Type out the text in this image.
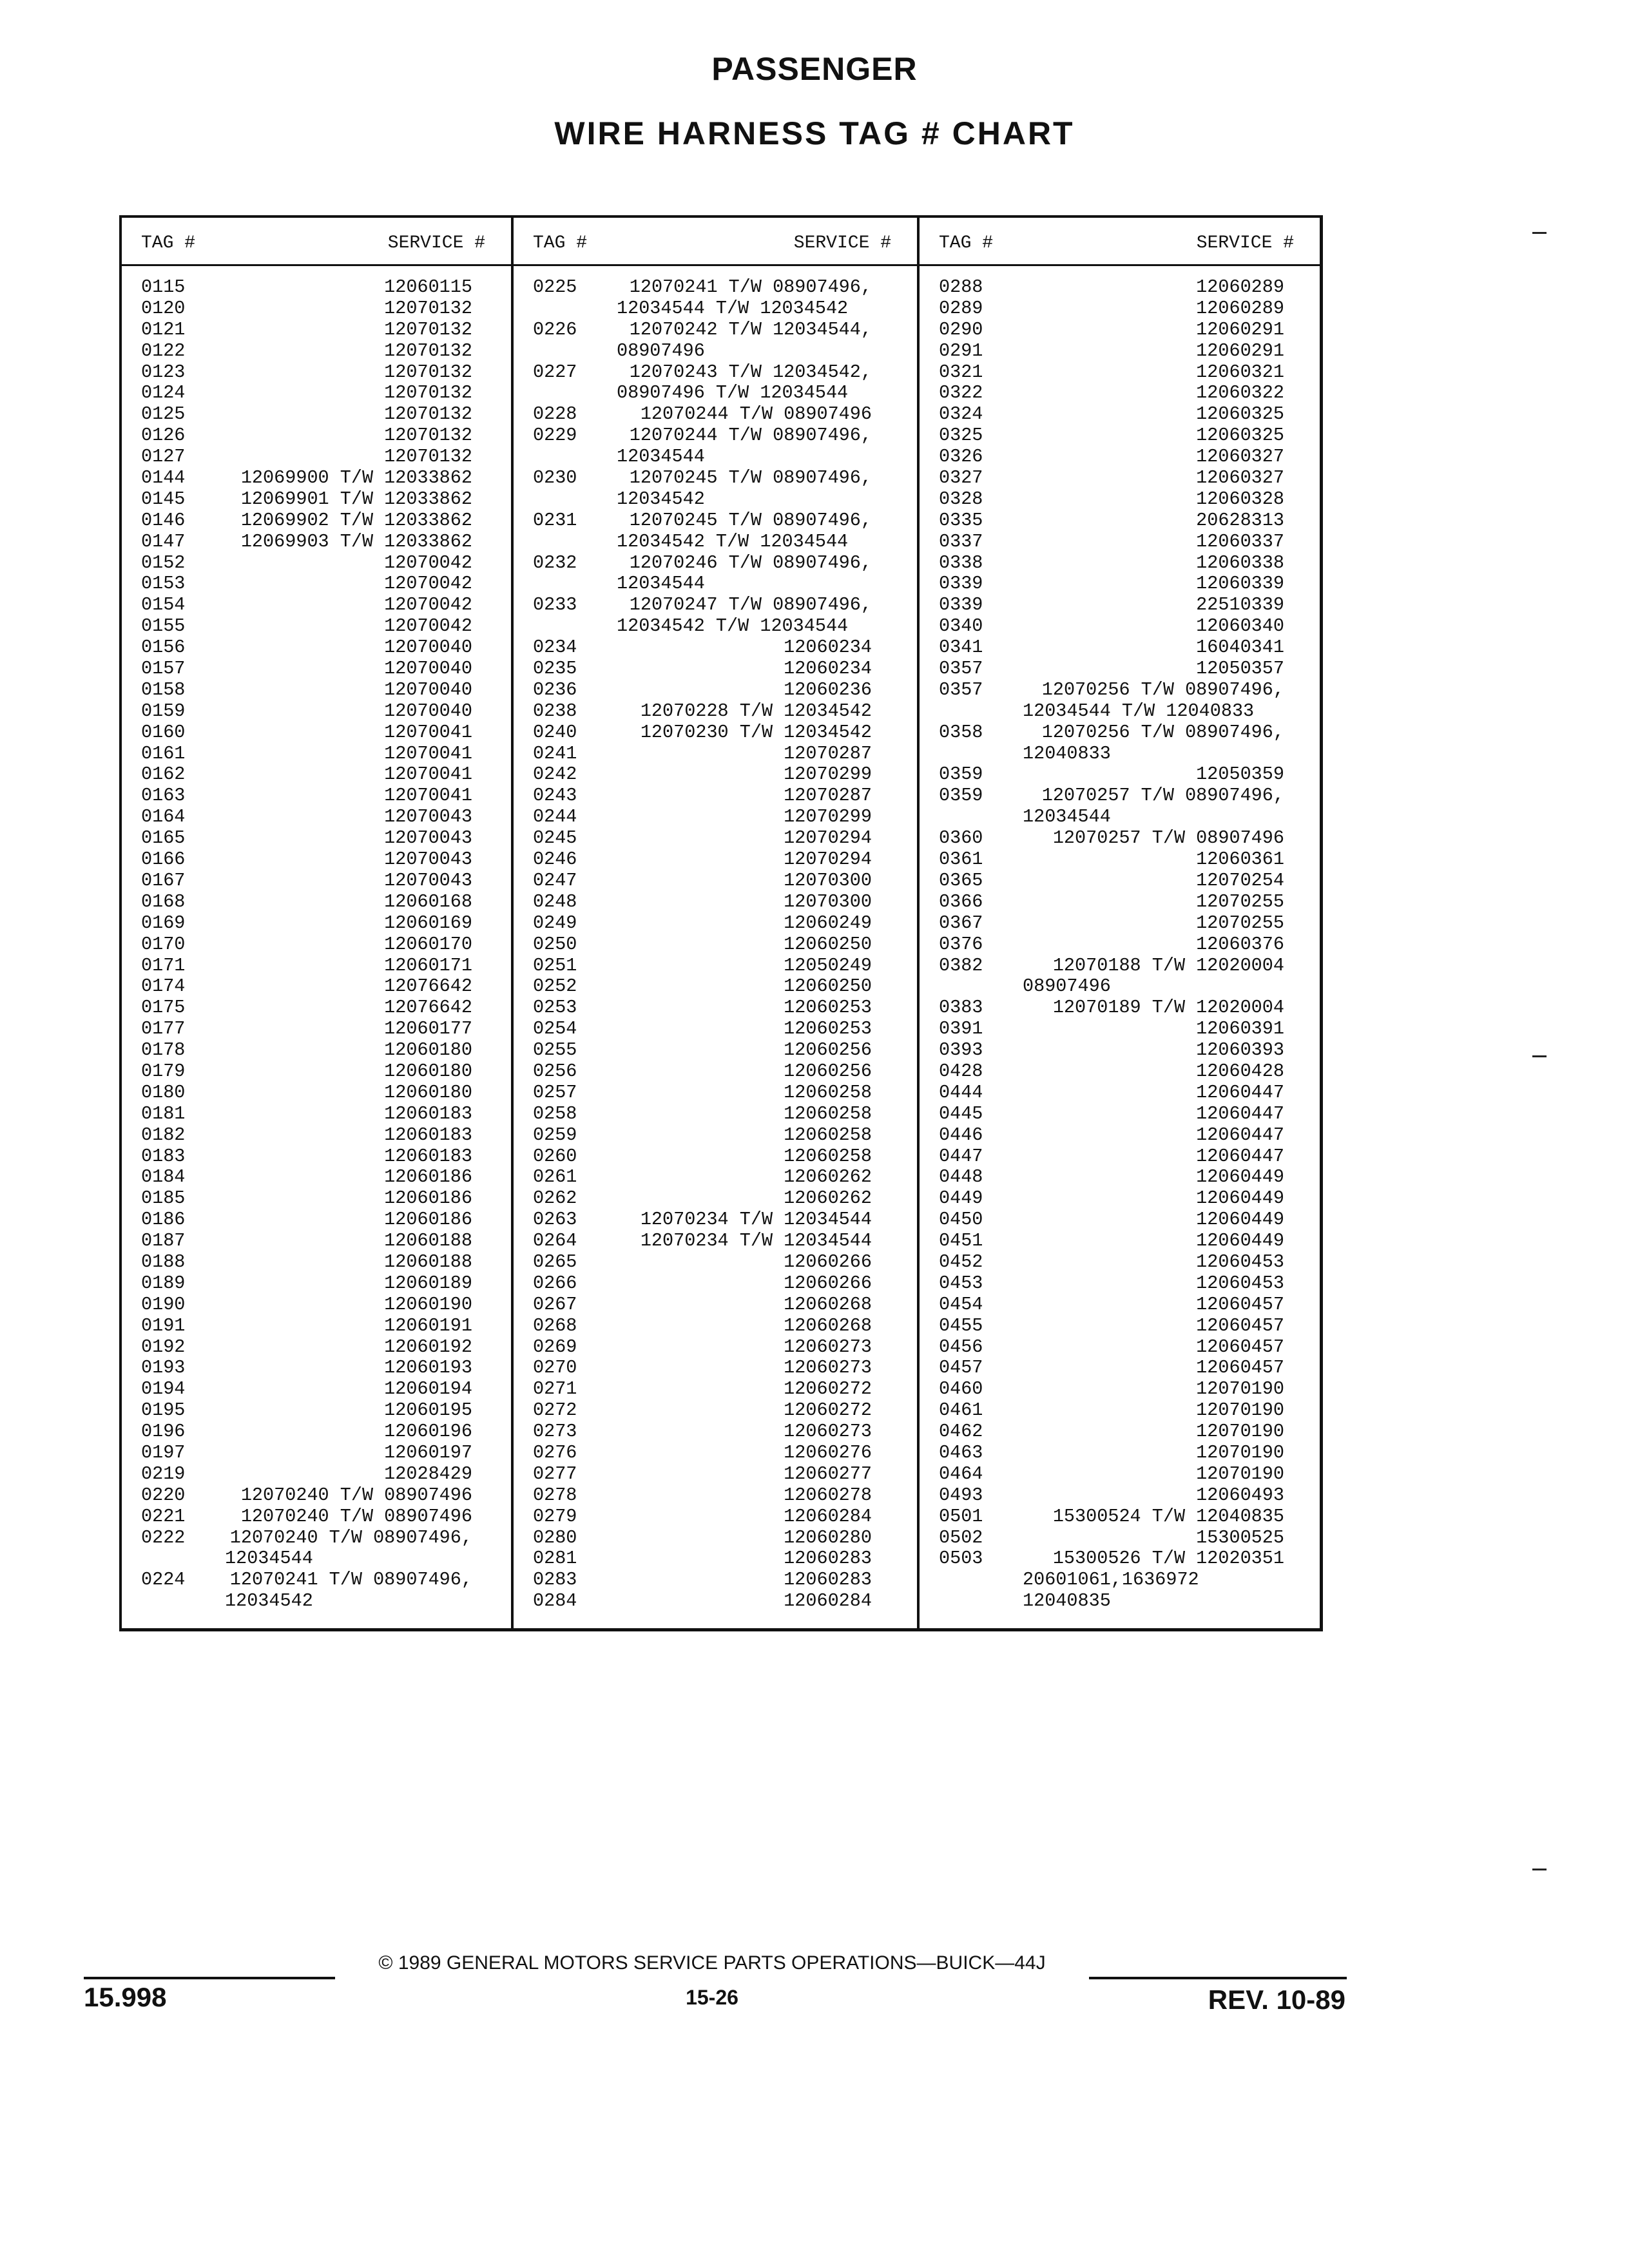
PASSENGER
WIRE HARNESS TAG # CHART
TAG #	SERVICE #
0115	12060115
0120	12070132
0121	12070132
0122	12070132
0123	12070132
0124	12070132
0125	12070132
0126	12070132
0127	12070132
0144	12069900 T/W 12033862
0145	12069901 T/W 12033862
0146	12069902 T/W 12033862
0147	12069903 T/W 12033862
0152	12070042
0153	12070042
0154	12070042
0155	12070042
0156	12070040
0157	12070040
0158	12070040
0159	12070040
0160	12070041
0161	12070041
0162	12070041
0163	12070041
0164	12070043
0165	12070043
0166	12070043
0167	12070043
0168	12060168
0169	12060169
0170	12060170
0171	12060171
0174	12076642
0175	12076642
0177	12060177
0178	12060180
0179	12060180
0180	12060180
0181	12060183
0182	12060183
0183	12060183
0184	12060186
0185	12060186
0186	12060186
0187	12060188
0188	12060188
0189	12060189
0190	12060190
0191	12060191
0192	12060192
0193	12060193
0194	12060194
0195	12060195
0196	12060196
0197	12060197
0219	12028429
0220	12070240 T/W 08907496
0221	12070240 T/W 08907496
0222	12070240 T/W 08907496,
12034544
0224	12070241 T/W 08907496,
12034542
TAG #	SERVICE #
0225	12070241 T/W 08907496,
12034544 T/W 12034542
0226	12070242 T/W 12034544,
08907496
0227	12070243 T/W 12034542,
08907496 T/W 12034544
0228	12070244 T/W 08907496
0229	12070244 T/W 08907496,
12034544
0230	12070245 T/W 08907496,
12034542
0231	12070245 T/W 08907496,
12034542 T/W 12034544
0232	12070246 T/W 08907496,
12034544
0233	12070247 T/W 08907496,
12034542 T/W 12034544
0234	12060234
0235	12060234
0236	12060236
0238	12070228 T/W 12034542
0240	12070230 T/W 12034542
0241	12070287
0242	12070299
0243	12070287
0244	12070299
0245	12070294
0246	12070294
0247	12070300
0248	12070300
0249	12060249
0250	12060250
0251	12050249
0252	12060250
0253	12060253
0254	12060253
0255	12060256
0256	12060256
0257	12060258
0258	12060258
0259	12060258
0260	12060258
0261	12060262
0262	12060262
0263	12070234 T/W 12034544
0264	12070234 T/W 12034544
0265	12060266
0266	12060266
0267	12060268
0268	12060268
0269	12060273
0270	12060273
0271	12060272
0272	12060272
0273	12060273
0276	12060276
0277	12060277
0278	12060278
0279	12060284
0280	12060280
0281	12060283
0283	12060283
0284	12060284
TAG #	SERVICE #
0288	12060289
0289	12060289
0290	12060291
0291	12060291
0321	12060321
0322	12060322
0324	12060325
0325	12060325
0326	12060327
0327	12060327
0328	12060328
0335	20628313
0337	12060337
0338	12060338
0339	12060339
0339	22510339
0340	12060340
0341	16040341
0357	12050357
0357	12070256 T/W 08907496,
12034544 T/W 12040833
0358	12070256 T/W 08907496,
12040833
0359	12050359
0359	12070257 T/W 08907496,
12034544
0360	12070257 T/W 08907496
0361	12060361
0365	12070254
0366	12070255
0367	12070255
0376	12060376
0382	12070188 T/W 12020004
08907496
0383	12070189 T/W 12020004
0391	12060391
0393	12060393
0428	12060428
0444	12060447
0445	12060447
0446	12060447
0447	12060447
0448	12060449
0449	12060449
0450	12060449
0451	12060449
0452	12060453
0453	12060453
0454	12060457
0455	12060457
0456	12060457
0457	12060457
0460	12070190
0461	12070190
0462	12070190
0463	12070190
0464	12070190
0493	12060493
0501	15300524 T/W 12040835
0502	15300525
0503	15300526 T/W 12020351
20601061,1636972
12040835
© 1989 GENERAL MOTORS SERVICE PARTS OPERATIONS—BUICK—44J
15.998	15-26	REV. 10-89
